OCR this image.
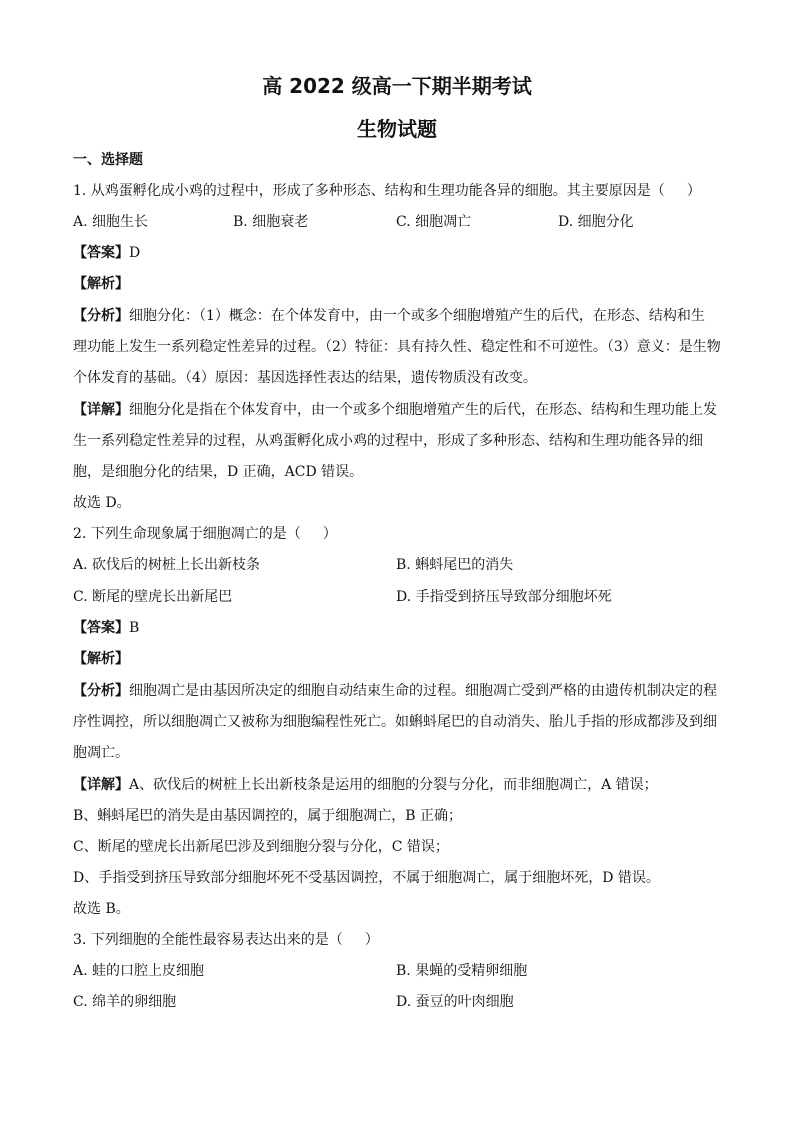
高 2022 级高一下期半期考试
生物试题
一、选择题
1. 从鸡蛋孵化成小鸡的过程中，形成了多种形态、结构和生理功能各异的细胞。其主要原因是（ ）
A. 细胞生长	B. 细胞衰老	C. 细胞凋亡	D. 细胞分化
【答案】D
【解析】
【分析】细胞分化：（1）概念：在个体发育中，由一个或多个细胞增殖产生的后代，在形态、结构和生
理功能上发生一系列稳定性差异的过程。（2）特征：具有持久性、稳定性和不可逆性。（3）意义：是生物
个体发育的基础。（4）原因：基因选择性表达的结果，遗传物质没有改变。
【详解】细胞分化是指在个体发育中，由一个或多个细胞增殖产生的后代，在形态、结构和生理功能上发
生一系列稳定性差异的过程，从鸡蛋孵化成小鸡的过程中，形成了多种形态、结构和生理功能各异的细
胞，是细胞分化的结果，D 正确，ACD 错误。
故选 D。
2. 下列生命现象属于细胞凋亡的是（ ）
A. 砍伐后的树桩上长出新枝条	B. 蝌蚪尾巴的消失
C. 断尾的壁虎长出新尾巴	D. 手指受到挤压导致部分细胞坏死
【答案】B
【解析】
【分析】细胞凋亡是由基因所决定的细胞自动结束生命的过程。细胞凋亡受到严格的由遗传机制决定的程
序性调控，所以细胞凋亡又被称为细胞编程性死亡。如蝌蚪尾巴的自动消失、胎儿手指的形成都涉及到细
胞凋亡。
【详解】A、砍伐后的树桩上长出新枝条是运用的细胞的分裂与分化，而非细胞凋亡，A 错误；
B、蝌蚪尾巴的消失是由基因调控的，属于细胞凋亡，B 正确；
C、断尾的壁虎长出新尾巴涉及到细胞分裂与分化，C 错误；
D、手指受到挤压导致部分细胞坏死不受基因调控，不属于细胞凋亡，属于细胞坏死，D 错误。
故选 B。
3. 下列细胞的全能性最容易表达出来的是（ ）
A. 蛙的口腔上皮细胞	B. 果蝇的受精卵细胞
C. 绵羊的卵细胞	D. 蚕豆的叶肉细胞
